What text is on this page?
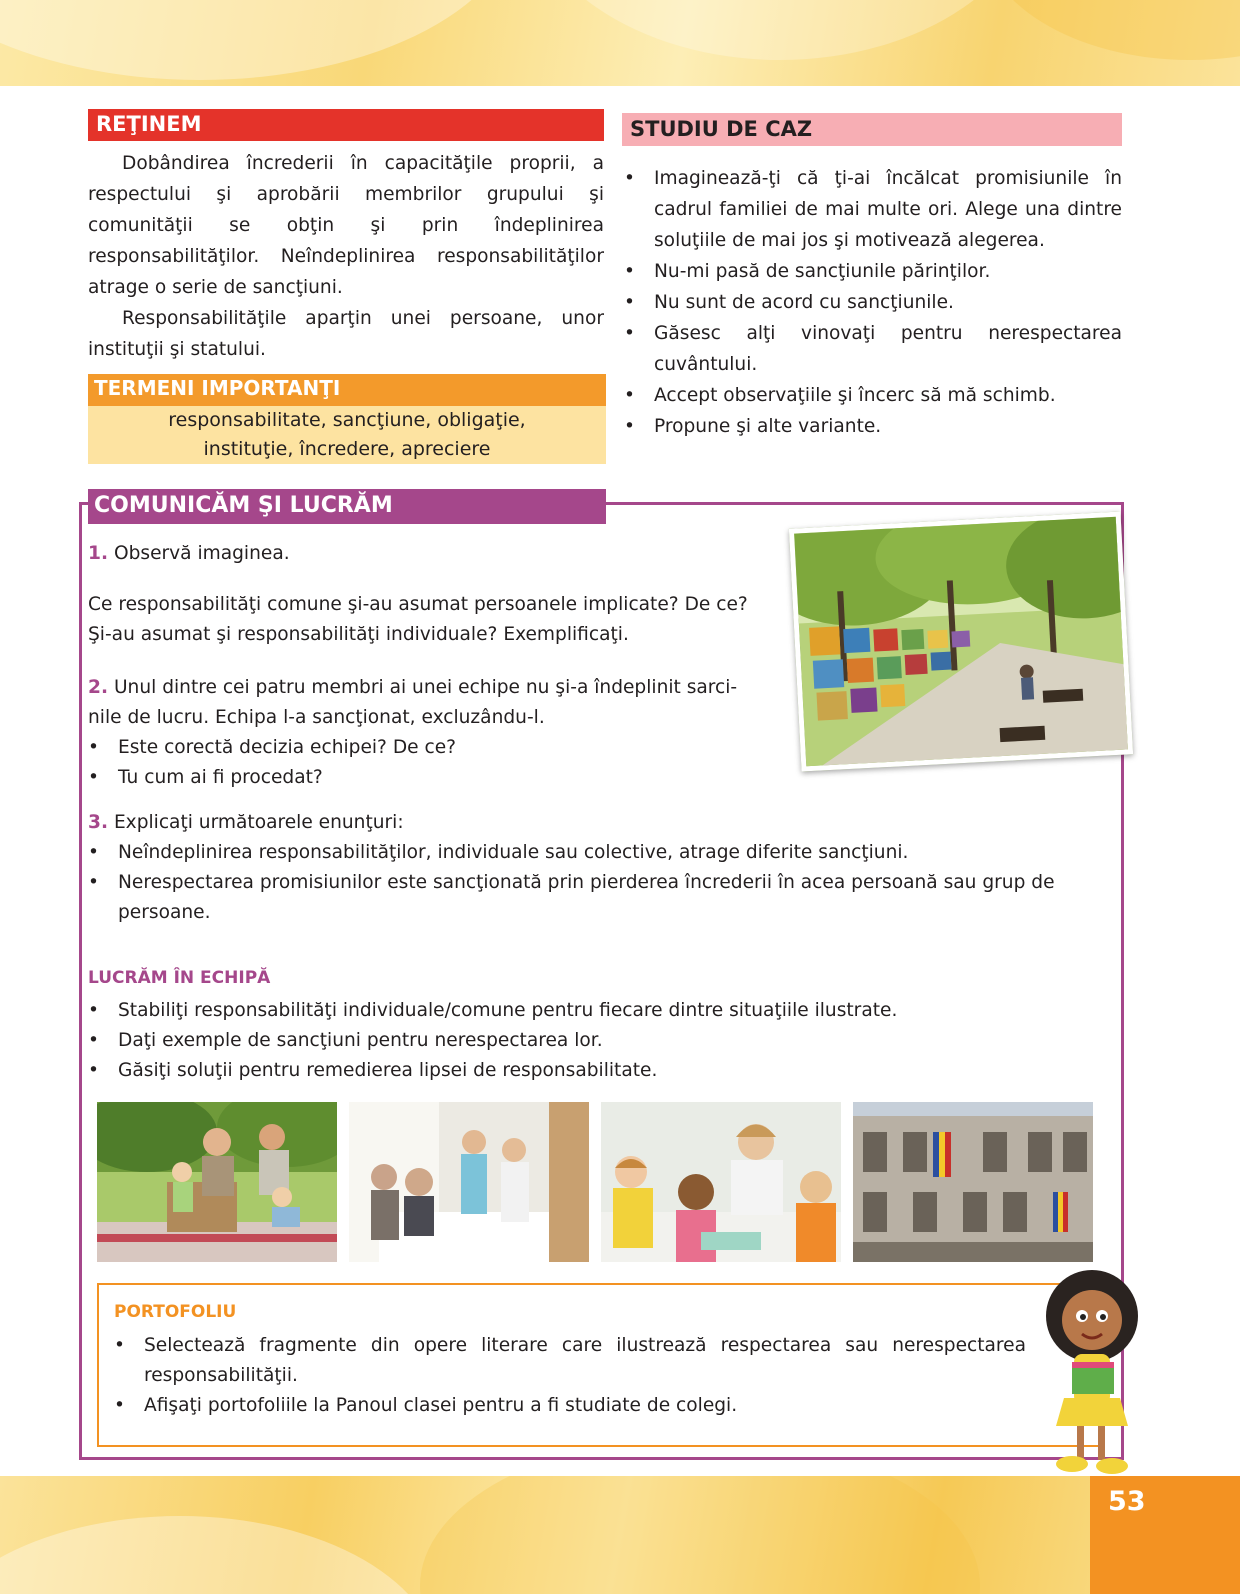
53
REŢINEM

Dobândirea încrederii în capacităţile proprii, a respectului şi aprobării membrilor grupului şi comunităţii se obţin şi prin îndeplinirea responsabilităţilor. Neîndeplinirea responsabilităţilor atrage o serie de sancţiuni.

Responsabilităţile aparţin unei persoane, unor instituţii şi statului.

TERMENI IMPORTANŢI
responsabilitate, sancţiune, obligaţie,
instituţie, încredere, apreciere
STUDIU DE CAZ
• Imaginează-ţi că ţi-ai încălcat promisiunile în cadrul familiei de mai multe ori. Alege una dintre soluţiile de mai jos şi motivează alegerea.
• Nu-mi pasă de sancţiunile părinţilor.
• Nu sunt de acord cu sancţiunile.
• Găsesc alţi vinovaţi pentru nerespectarea cuvântului.
• Accept observaţiile şi încerc să mă schimb.
• Propune şi alte variante.
COMUNICĂM ŞI LUCRĂM
1. Observă imaginea.
Ce responsabilităţi comune şi-au asumat persoanele implicate? De ce?
Şi-au asumat şi responsabilităţi individuale? Exemplificaţi.
2. Unul dintre cei patru membri ai unei echipe nu şi-a îndeplinit sarci-
nile de lucru. Echipa l-a sancţionat, excluzându-l.
• Este corectă decizia echipei? De ce?
• Tu cum ai fi procedat?
3. Explicaţi următoarele enunţuri:
• Neîndeplinirea responsabilităţilor, individuale sau colective, atrage diferite sancţiuni.
• Nerespectarea promisiunilor este sancţionată prin pierderea încrederii în acea persoană sau grup de persoane.
LUCRĂM ÎN ECHIPĂ
• Stabiliţi responsabilităţi individuale/comune pentru fiecare dintre situaţiile ilustrate.
• Daţi exemple de sancţiuni pentru nerespectarea lor.
• Găsiţi soluţii pentru remedierea lipsei de responsabilitate.
PORTOFOLIU
• Selectează fragmente din opere literare care ilustrează respectarea sau nerespectarea responsabilităţii.
• Afişaţi portofoliile la Panoul clasei pentru a fi studiate de colegi.
